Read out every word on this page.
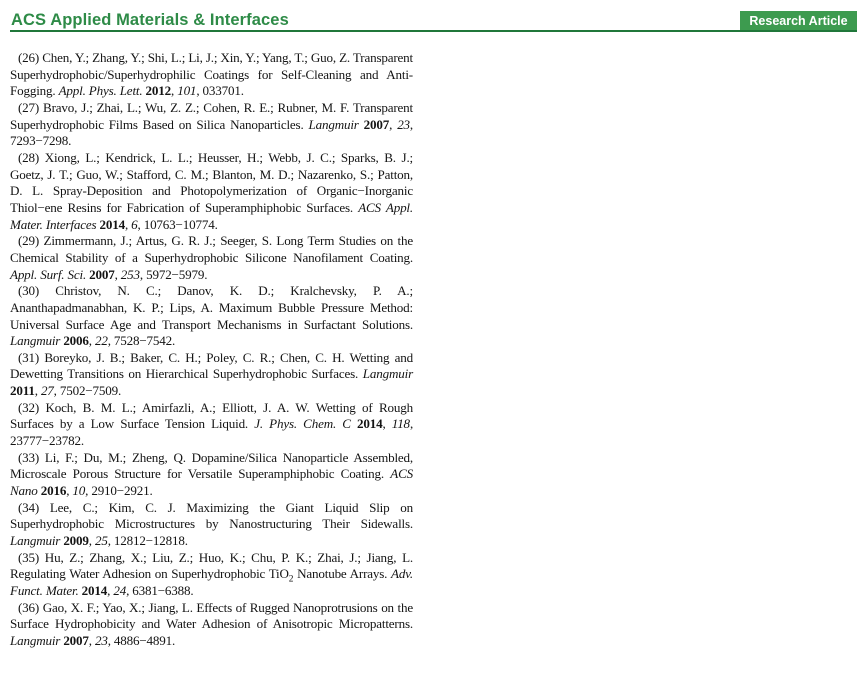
ACS Applied Materials & Interfaces	Research Article

(26) Chen, Y.; Zhang, Y.; Shi, L.; Li, J.; Xin, Y.; Yang, T.; Guo, Z. Transparent Superhydrophobic/Superhydrophilic Coatings for Self-Cleaning and Anti-Fogging. Appl. Phys. Lett. 2012, 101, 033701.

(27) Bravo, J.; Zhai, L.; Wu, Z. Z.; Cohen, R. E.; Rubner, M. F. Transparent Superhydrophobic Films Based on Silica Nanoparticles. Langmuir 2007, 23, 7293−7298.

(28) Xiong, L.; Kendrick, L. L.; Heusser, H.; Webb, J. C.; Sparks, B. J.; Goetz, J. T.; Guo, W.; Stafford, C. M.; Blanton, M. D.; Nazarenko, S.; Patton, D. L. Spray-Deposition and Photopolymerization of Organic−Inorganic Thiol−ene Resins for Fabrication of Superamphiphobic Surfaces. ACS Appl. Mater. Interfaces 2014, 6, 10763−10774.

(29) Zimmermann, J.; Artus, G. R. J.; Seeger, S. Long Term Studies on the Chemical Stability of a Superhydrophobic Silicone Nanofilament Coating. Appl. Surf. Sci. 2007, 253, 5972−5979.

(30) Christov, N. C.; Danov, K. D.; Kralchevsky, P. A.; Ananthapadmanabhan, K. P.; Lips, A. Maximum Bubble Pressure Method: Universal Surface Age and Transport Mechanisms in Surfactant Solutions. Langmuir 2006, 22, 7528−7542.

(31) Boreyko, J. B.; Baker, C. H.; Poley, C. R.; Chen, C. H. Wetting and Dewetting Transitions on Hierarchical Superhydrophobic Surfaces. Langmuir 2011, 27, 7502−7509.

(32) Koch, B. M. L.; Amirfazli, A.; Elliott, J. A. W. Wetting of Rough Surfaces by a Low Surface Tension Liquid. J. Phys. Chem. C 2014, 118, 23777−23782.

(33) Li, F.; Du, M.; Zheng, Q. Dopamine/Silica Nanoparticle Assembled, Microscale Porous Structure for Versatile Superamphiphobic Coating. ACS Nano 2016, 10, 2910−2921.

(34) Lee, C.; Kim, C. J. Maximizing the Giant Liquid Slip on Superhydrophobic Microstructures by Nanostructuring Their Sidewalls. Langmuir 2009, 25, 12812−12818.

(35) Hu, Z.; Zhang, X.; Liu, Z.; Huo, K.; Chu, P. K.; Zhai, J.; Jiang, L. Regulating Water Adhesion on Superhydrophobic TiO$_2$ Nanotube Arrays. Adv. Funct. Mater. 2014, 24, 6381−6388.

(36) Gao, X. F.; Yao, X.; Jiang, L. Effects of Rugged Nanoprotrusions on the Surface Hydrophobicity and Water Adhesion of Anisotropic Micropatterns. Langmuir 2007, 23, 4886−4891.
